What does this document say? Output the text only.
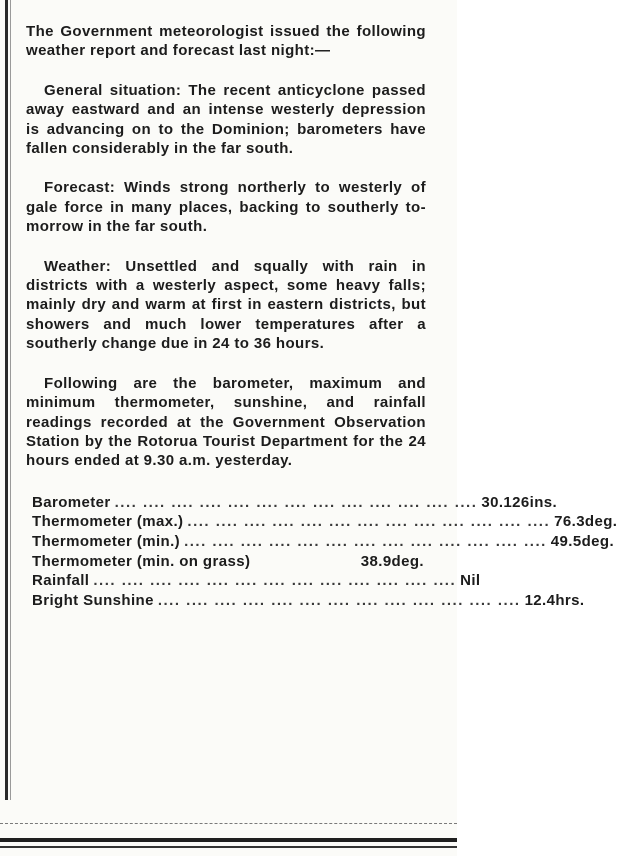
The Government meteorologist issued the following weather report and forecast last night:—

General situation: The recent anticyclone passed away eastward and an intense westerly depression is advancing on to the Dominion; barometers have fallen considerably in the far south.

Forecast: Winds strong northerly to westerly of gale force in many places, backing to southerly to-morrow in the far south.

Weather: Unsettled and squally with rain in districts with a westerly aspect, some heavy falls; mainly dry and warm at first in eastern districts, but showers and much lower temperatures after a southerly change due in 24 to 36 hours.

Following are the barometer, maximum and minimum thermometer, sunshine, and rainfall readings recorded at the Government Observation Station by the Rotorua Tourist Department for the 24 hours ended at 9.30 a.m. yesterday.

Barometer .... .... .... .... .... .... .... .... .... .... .... .... .... 30.126ins.
Thermometer (max.) .... .... .... .... .... .... .... .... .... .... .... .... .... 76.3deg.
Thermometer (min.) .... .... .... .... .... .... .... .... .... .... .... .... .... 49.5deg.
Thermometer (min. on grass)	38.9deg.
Rainfall .... .... .... .... .... .... .... .... .... .... .... .... .... Nil
Bright Sunshine .... .... .... .... .... .... .... .... .... .... .... .... .... 12.4hrs.
